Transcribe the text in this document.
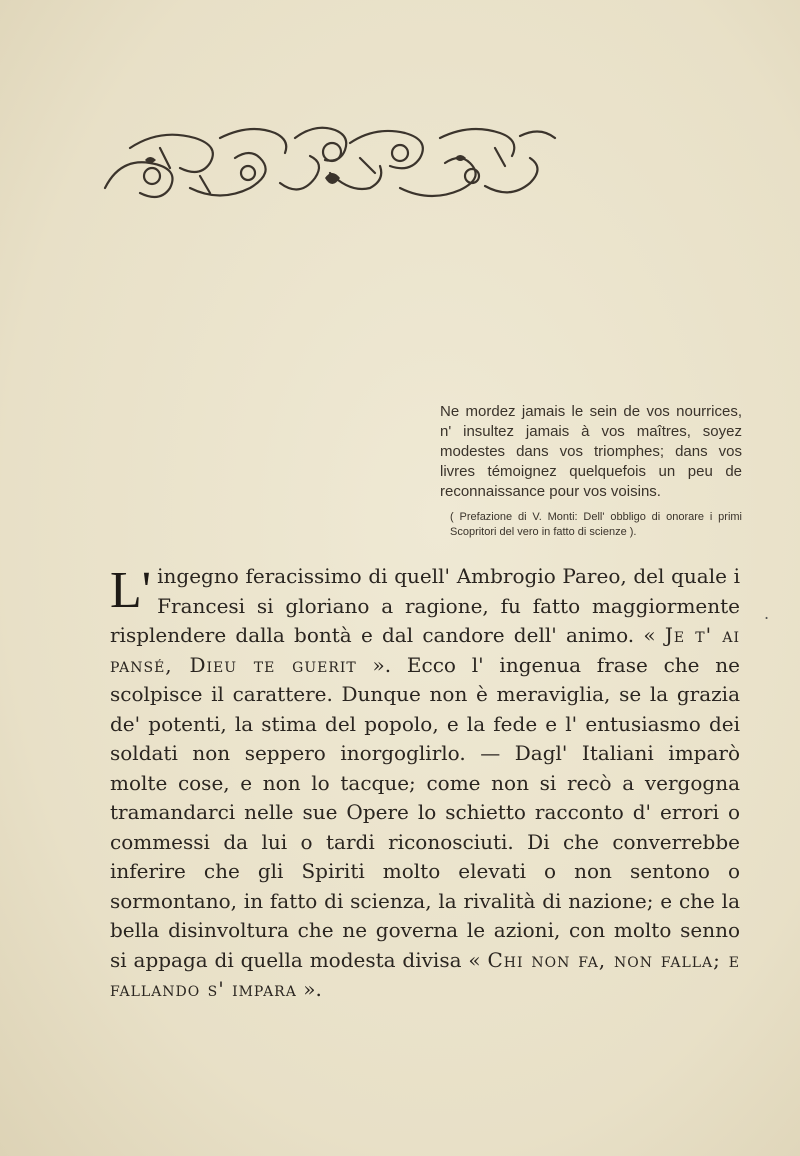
Ne mordez jamais le sein de vos nourrices, n' insultez jamais à vos maîtres, soyez modestes dans vos triomphes; dans vos livres témoignez quelquefois un peu de reconnaissance pour vos voisins.

( Prefazione di V. Monti: Dell' obbligo di onorare i primi Scopritori del vero in fatto di scienze ).

L' ingegno feracissimo di quell' Ambrogio Pareo, del quale i Francesi si gloriano a ragione, fu fatto maggiormente risplendere dalla bontà e dal candore dell' animo. « Je t' ai pansé, Dieu te guerit ». Ecco l' ingenua frase che ne scolpisce il carattere. Dunque non è meraviglia, se la grazia de' potenti, la stima del popolo, e la fede e l' entusiasmo dei soldati non seppero inorgoglirlo. — Dagl' Italiani imparò molte cose, e non lo tacque; come non si recò a vergogna tramandarci nelle sue Opere lo schietto racconto d' errori o commessi da lui o tardi riconosciuti. Di che converrebbe inferire che gli Spiriti molto elevati o non sentono o sormontano, in fatto di scienza, la rivalità di nazione; e che la bella disinvoltura che ne governa le azioni, con molto senno si appaga di quella modesta divisa « Chi non fa, non falla; e fallando s' impara ».

.
